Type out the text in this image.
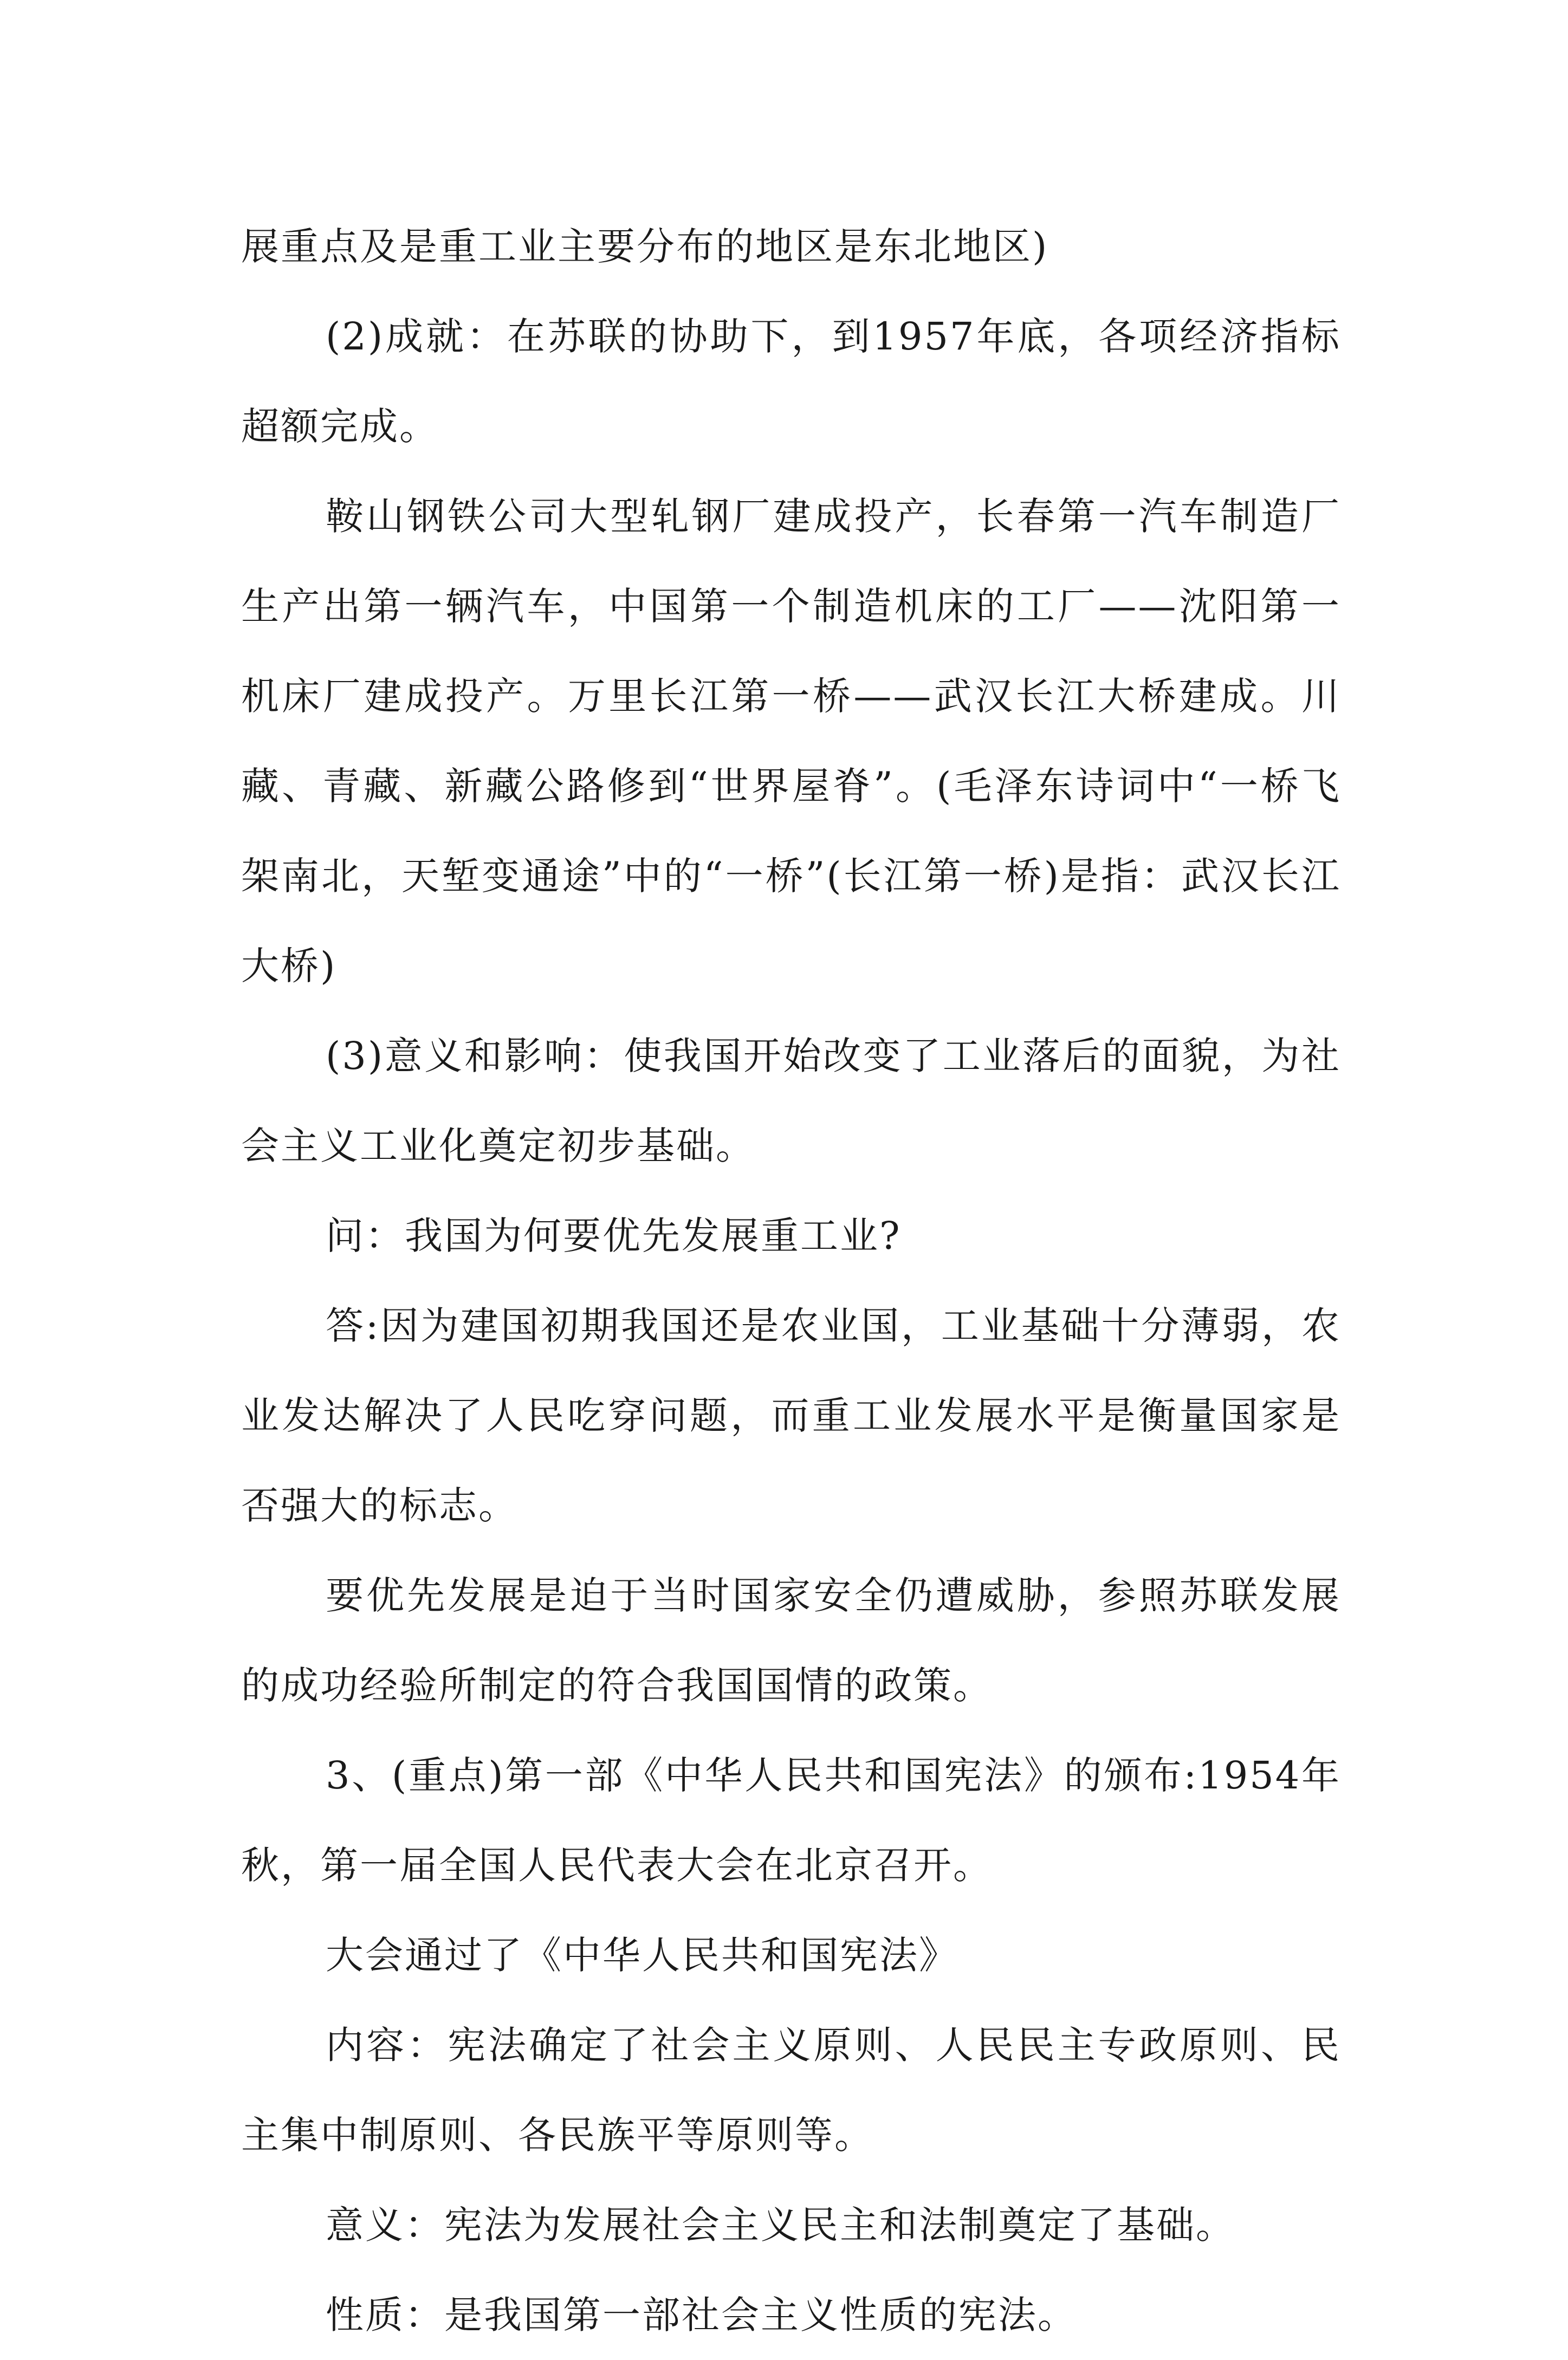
展重点及是重工业主要分布的地区是东北地区)

(2)成就：在苏联的协助下，到1957年底，各项经济指标超额完成。

鞍山钢铁公司大型轧钢厂建成投产，长春第一汽车制造厂生产出第一辆汽车，中国第一个制造机床的工厂——沈阳第一机床厂建成投产。万里长江第一桥——武汉长江大桥建成。川藏、青藏、新藏公路修到“世界屋脊”。(毛泽东诗词中“一桥飞架南北，天堑变通途”中的“一桥”(长江第一桥)是指：武汉长江大桥)

(3)意义和影响：使我国开始改变了工业落后的面貌，为社会主义工业化奠定初步基础。

问：我国为何要优先发展重工业?

答:因为建国初期我国还是农业国，工业基础十分薄弱，农业发达解决了人民吃穿问题，而重工业发展水平是衡量国家是否强大的标志。

要优先发展是迫于当时国家安全仍遭威胁，参照苏联发展的成功经验所制定的符合我国国情的政策。

3、(重点)第一部《中华人民共和国宪法》的颁布:1954年秋，第一届全国人民代表大会在北京召开。

大会通过了《中华人民共和国宪法》

内容：宪法确定了社会主义原则、人民民主专政原则、民主集中制原则、各民族平等原则等。

意义：宪法为发展社会主义民主和法制奠定了基础。

性质：是我国第一部社会主义性质的宪法。
